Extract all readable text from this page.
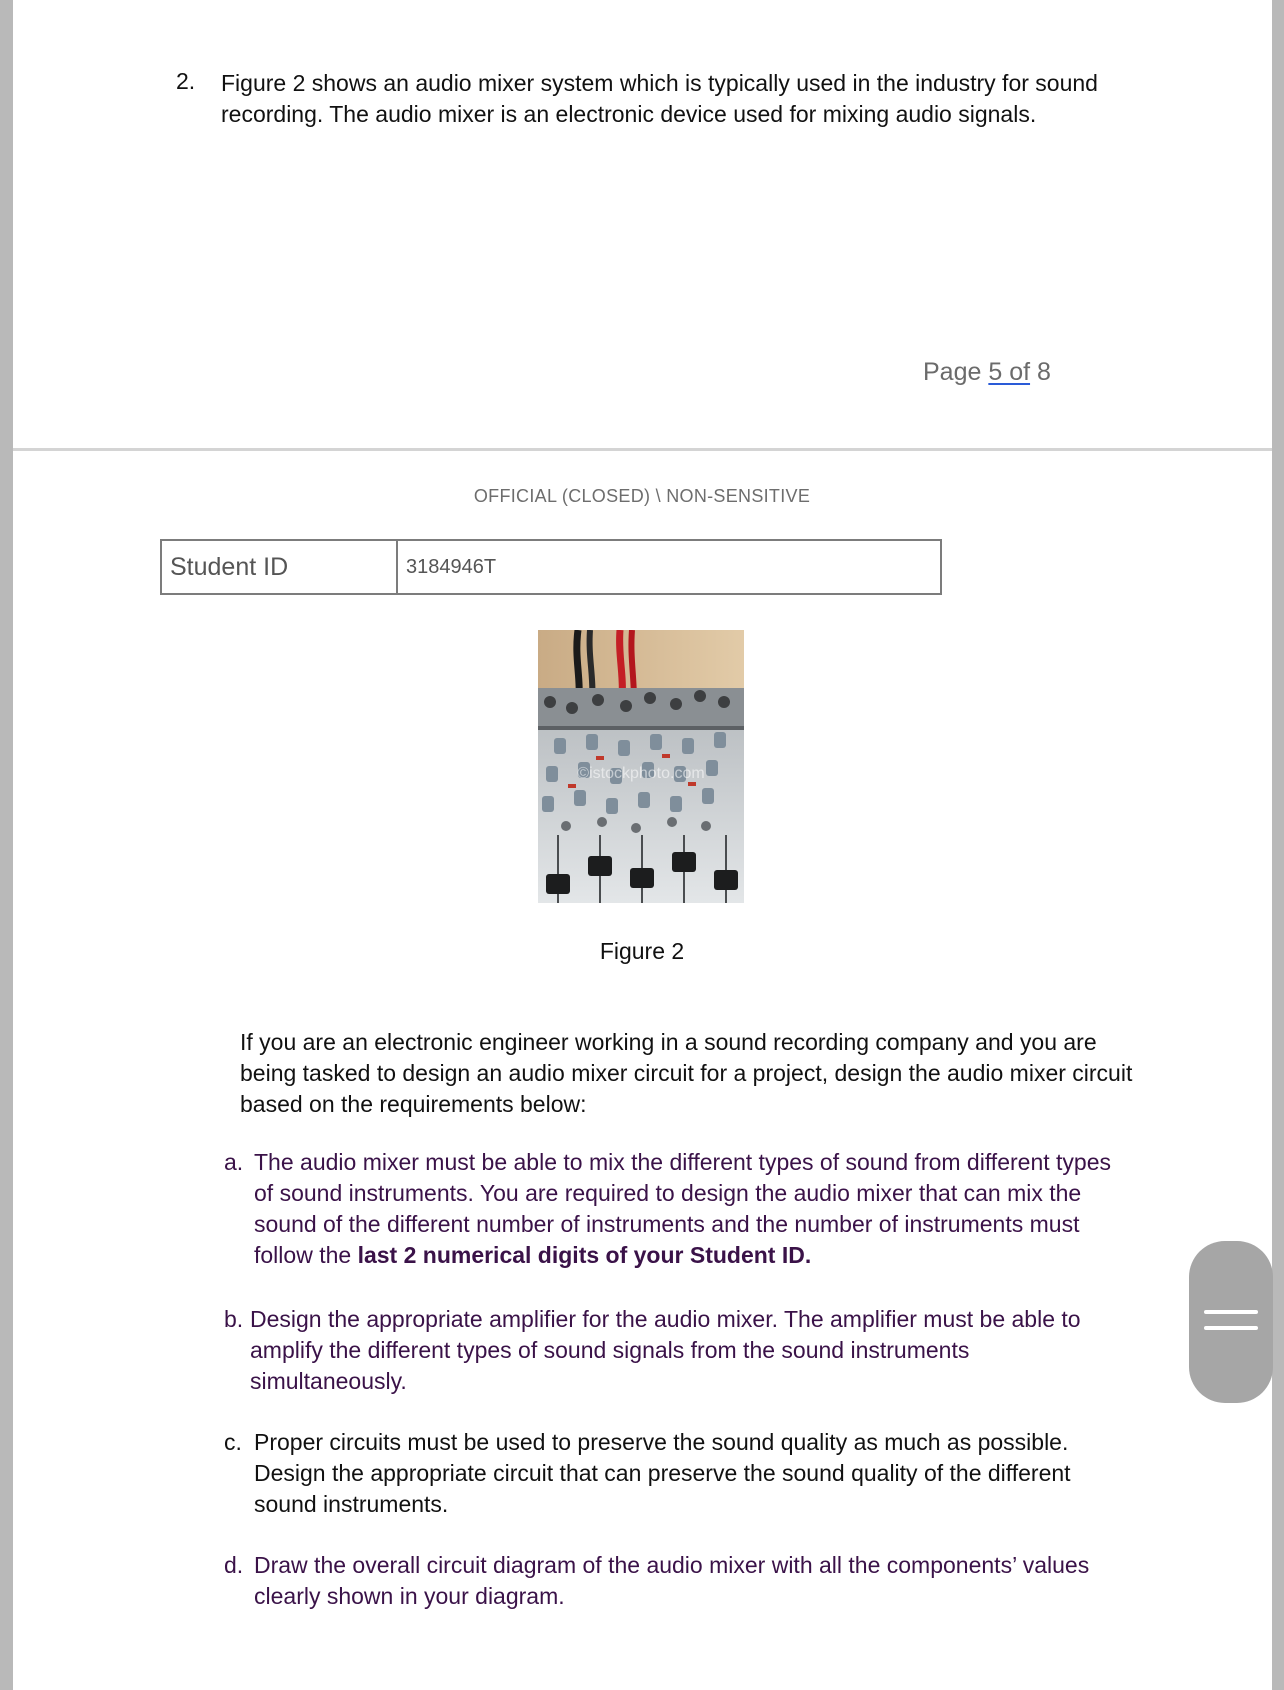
2. Figure 2 shows an audio mixer system which is typically used in the industry for sound recording. The audio mixer is an electronic device used for mixing audio signals.
Page 5 of 8
OFFICIAL (CLOSED) \ NON-SENSITIVE
Student ID	3184946T
©istockphoto.com
Figure 2
If you are an electronic engineer working in a sound recording company and you are being tasked to design an audio mixer circuit for a project, design the audio mixer circuit based on the requirements below:
a. The audio mixer must be able to mix the different types of sound from different types of sound instruments. You are required to design the audio mixer that can mix the sound of the different number of instruments and the number of instruments must follow the last 2 numerical digits of your Student ID.
b. Design the appropriate amplifier for the audio mixer. The amplifier must be able to amplify the different types of sound signals from the sound instruments simultaneously.
c. Proper circuits must be used to preserve the sound quality as much as possible. Design the appropriate circuit that can preserve the sound quality of the different sound instruments.
d. Draw the overall circuit diagram of the audio mixer with all the components’ values clearly shown in your diagram.
